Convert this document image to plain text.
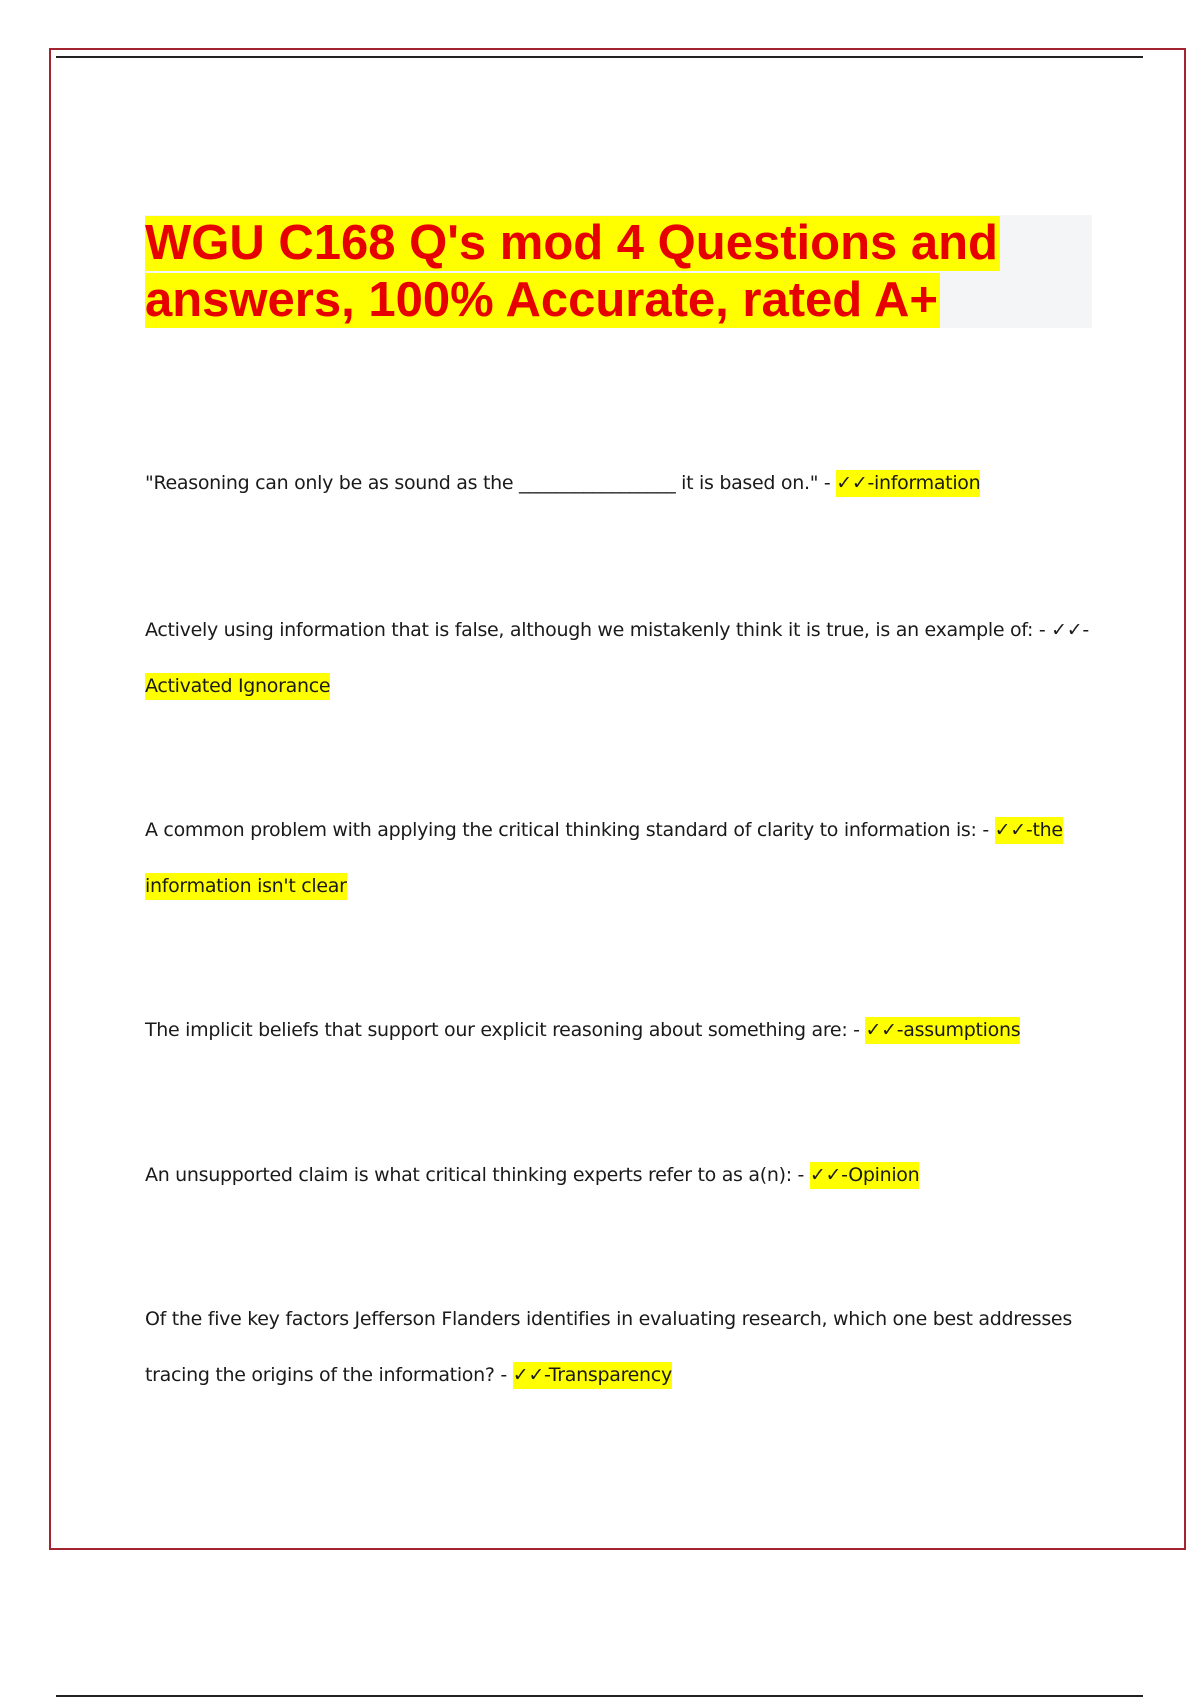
WGU C168 Q's mod 4 Questions and
answers, 100% Accurate, rated A+
"Reasoning can only be as sound as the _________________ it is based on." - ✓✓-information
Actively using information that is false, although we mistakenly think it is true, is an example of: - ✓✓-
Activated Ignorance
A common problem with applying the critical thinking standard of clarity to information is: - ✓✓-the
information isn't clear
The implicit beliefs that support our explicit reasoning about something are: - ✓✓-assumptions
An unsupported claim is what critical thinking experts refer to as a(n): - ✓✓-Opinion
Of the five key factors Jefferson Flanders identifies in evaluating research, which one best addresses
tracing the origins of the information? - ✓✓-Transparency
